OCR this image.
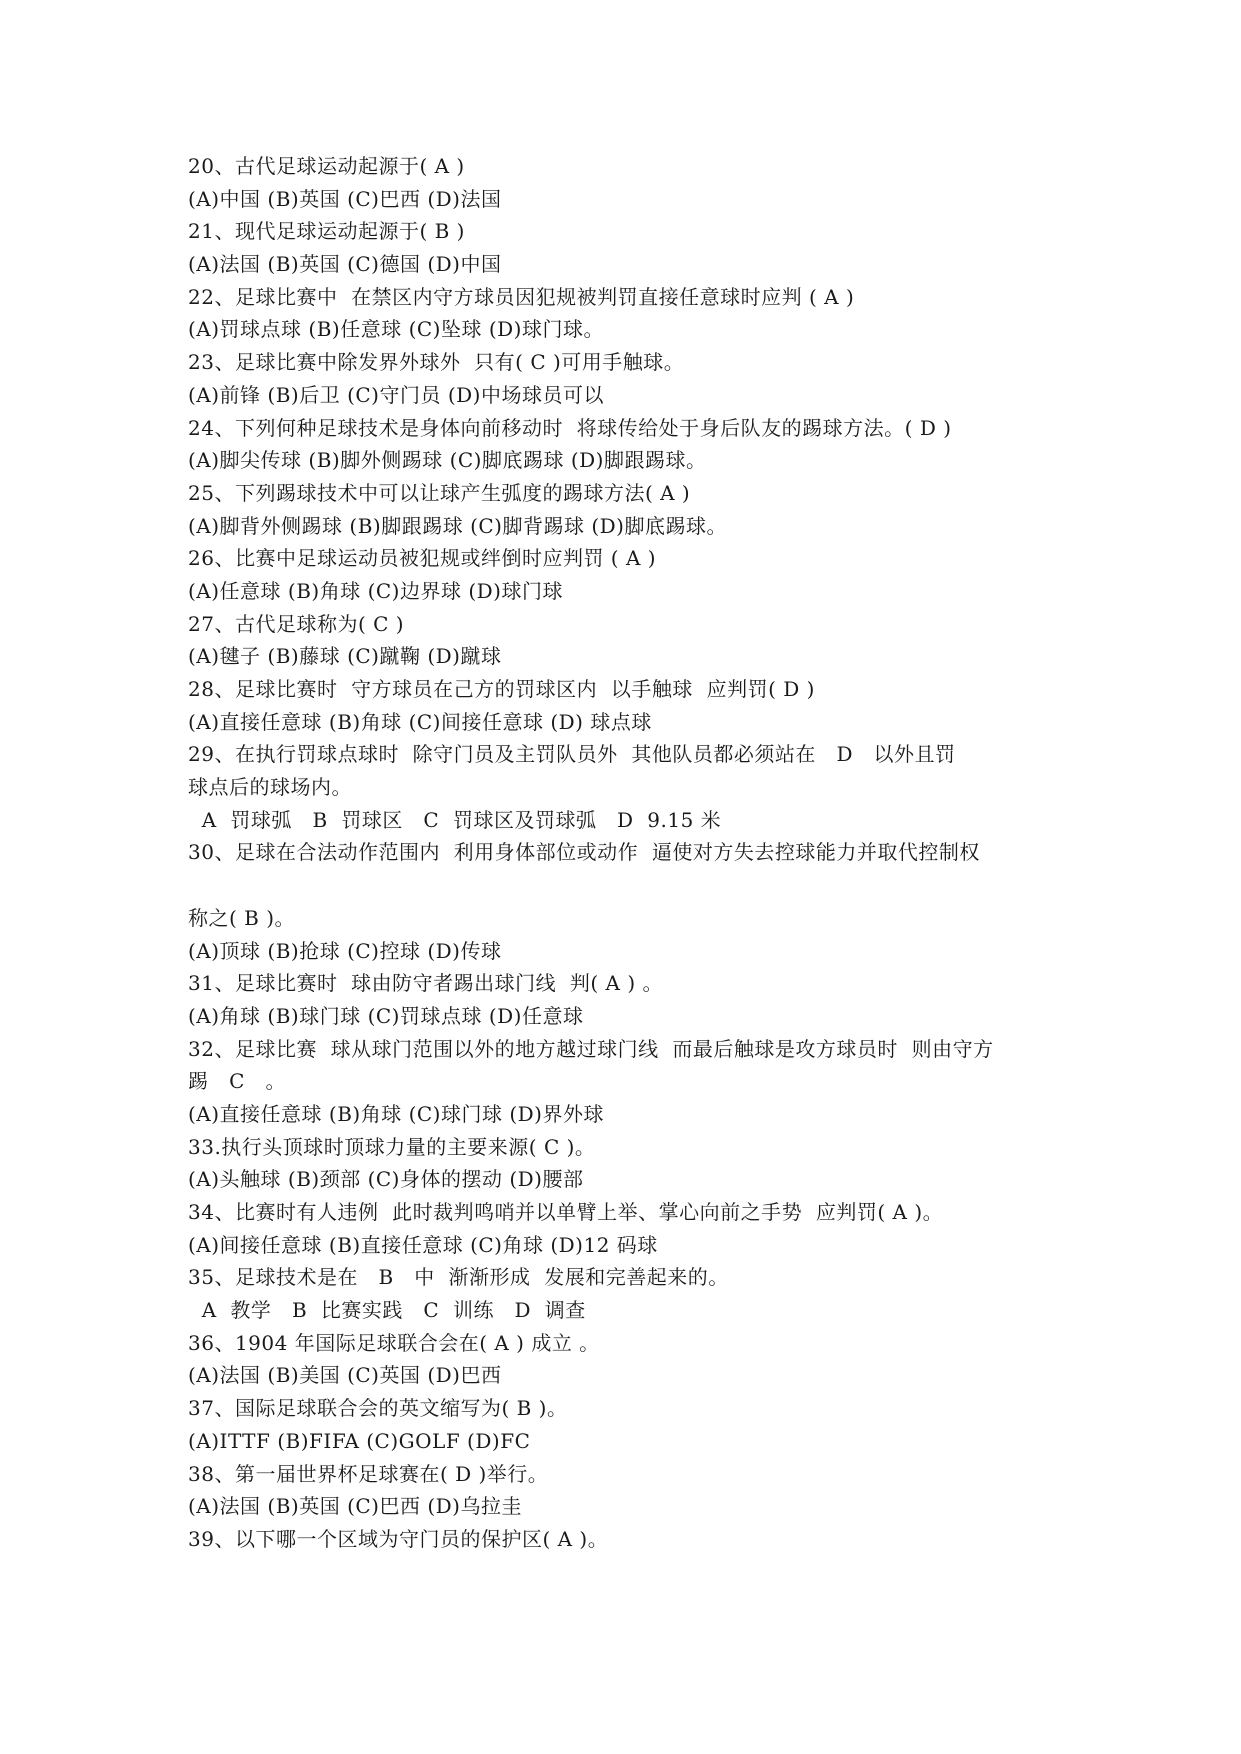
20、古代足球运动起源于( A )
(A)中国 (B)英国 (C)巴西 (D)法国
21、现代足球运动起源于( B )
(A)法国 (B)英国 (C)德国 (D)中国
22、足球比赛中  在禁区内守方球员因犯规被判罚直接任意球时应判 ( A )
(A)罚球点球 (B)任意球 (C)坠球 (D)球门球。
23、足球比赛中除发界外球外  只有( C )可用手触球。
(A)前锋 (B)后卫 (C)守门员 (D)中场球员可以
24、下列何种足球技术是身体向前移动时  将球传给处于身后队友的踢球方法。( D )
(A)脚尖传球 (B)脚外侧踢球 (C)脚底踢球 (D)脚跟踢球。
25、下列踢球技术中可以让球产生弧度的踢球方法( A )
(A)脚背外侧踢球 (B)脚跟踢球 (C)脚背踢球 (D)脚底踢球。
26、比赛中足球运动员被犯规或绊倒时应判罚 ( A )
(A)任意球 (B)角球 (C)边界球 (D)球门球
27、古代足球称为( C )
(A)毽子 (B)藤球 (C)蹴鞠 (D)蹴球
28、足球比赛时  守方球员在己方的罚球区内  以手触球  应判罚( D )
(A)直接任意球 (B)角球 (C)间接任意球 (D) 球点球
29、在执行罚球点球时  除守门员及主罚队员外  其他队员都必须站在   D   以外且罚
球点后的球场内。
A  罚球弧   B  罚球区   C  罚球区及罚球弧   D  9.15 米
30、足球在合法动作范围内  利用身体部位或动作  逼使对方失去控球能力并取代控制权
称之( B )。
(A)顶球 (B)抢球 (C)控球 (D)传球
31、足球比赛时  球由防守者踢出球门线  判( A ) 。
(A)角球 (B)球门球 (C)罚球点球 (D)任意球
32、足球比赛  球从球门范围以外的地方越过球门线  而最后触球是攻方球员时  则由守方
踢   C   。
(A)直接任意球 (B)角球 (C)球门球 (D)界外球
33.执行头顶球时顶球力量的主要来源( C )。
(A)头触球 (B)颈部 (C)身体的摆动 (D)腰部
34、比赛时有人违例  此时裁判鸣哨并以单臂上举、掌心向前之手势  应判罚( A )。
(A)间接任意球 (B)直接任意球 (C)角球 (D)12 码球
35、足球技术是在   B   中  渐渐形成  发展和完善起来的。
A  教学   B  比赛实践   C  训练   D  调查
36、1904 年国际足球联合会在( A ) 成立 。
(A)法国 (B)美国 (C)英国 (D)巴西
37、国际足球联合会的英文缩写为( B )。
(A)ITTF (B)FIFA (C)GOLF (D)FC
38、第一届世界杯足球赛在( D )举行。
(A)法国 (B)英国 (C)巴西 (D)乌拉圭
39、以下哪一个区域为守门员的保护区( A )。
